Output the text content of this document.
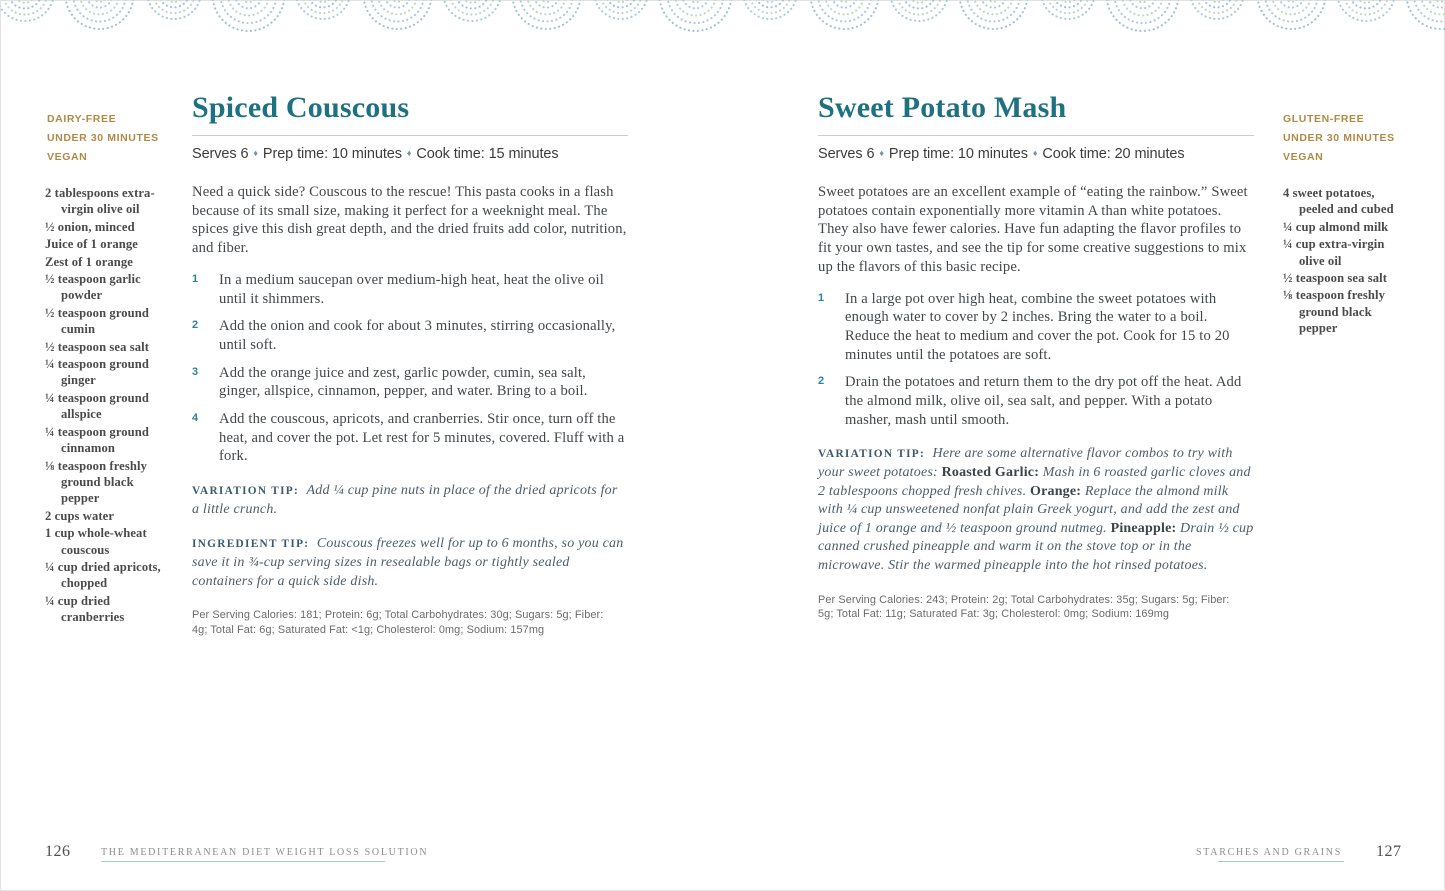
DAIRY-FREE
UNDER 30 MINUTES
VEGAN
2 tablespoons extra-virgin olive oil
½ onion, minced
Juice of 1 orange
Zest of 1 orange
½ teaspoon garlic powder
½ teaspoon ground cumin
½ teaspoon sea salt
¼ teaspoon ground ginger
¼ teaspoon ground allspice
¼ teaspoon ground cinnamon
⅛ teaspoon freshly ground black pepper
2 cups water
1 cup whole-wheat couscous
¼ cup dried apricots, chopped
¼ cup dried cranberries
Spiced Couscous
Serves 6 ♦ Prep time: 10 minutes ♦ Cook time: 15 minutes

Need a quick side? Couscous to the rescue! This pasta cooks in a flash because of its small size, making it perfect for a weeknight meal. The spices give this dish great depth, and the dried fruits add color, nutrition, and fiber.

1	In a medium saucepan over medium-high heat, heat the olive oil until it shimmers.
2	Add the onion and cook for about 3 minutes, stirring occasionally, until soft.
3	Add the orange juice and zest, garlic powder, cumin, sea salt, ginger, allspice, cinnamon, pepper, and water. Bring to a boil.
4	Add the couscous, apricots, and cranberries. Stir once, turn off the heat, and cover the pot. Let rest for 5 minutes, covered. Fluff with a fork.

VARIATION TIP: Add ¼ cup pine nuts in place of the dried apricots for a little crunch.

INGREDIENT TIP: Couscous freezes well for up to 6 months, so you can save it in ¾-cup serving sizes in resealable bags or tightly sealed containers for a quick side dish.

Per Serving Calories: 181; Protein: 6g; Total Carbohydrates: 30g; Sugars: 5g; Fiber: 4g; Total Fat: 6g; Saturated Fat: <1g; Cholesterol: 0mg; Sodium: 157mg
Sweet Potato Mash
Serves 6 ♦ Prep time: 10 minutes ♦ Cook time: 20 minutes

Sweet potatoes are an excellent example of “eating the rainbow.” Sweet potatoes contain exponentially more vitamin A than white potatoes. They also have fewer calories. Have fun adapting the flavor profiles to fit your own tastes, and see the tip for some creative suggestions to mix up the flavors of this basic recipe.

1	In a large pot over high heat, combine the sweet potatoes with enough water to cover by 2 inches. Bring the water to a boil. Reduce the heat to medium and cover the pot. Cook for 15 to 20 minutes until the potatoes are soft.
2	Drain the potatoes and return them to the dry pot off the heat. Add the almond milk, olive oil, sea salt, and pepper. With a potato masher, mash until smooth.

VARIATION TIP: Here are some alternative flavor combos to try with your sweet potatoes: Roasted Garlic: Mash in 6 roasted garlic cloves and 2 tablespoons chopped fresh chives. Orange: Replace the almond milk with ¼ cup unsweetened nonfat plain Greek yogurt, and add the zest and juice of 1 orange and ½ teaspoon ground nutmeg. Pineapple: Drain ½ cup canned crushed pineapple and warm it on the stove top or in the microwave. Stir the warmed pineapple into the hot rinsed potatoes.

Per Serving Calories: 243; Protein: 2g; Total Carbohydrates: 35g; Sugars: 5g; Fiber: 5g; Total Fat: 11g; Saturated Fat: 3g; Cholesterol: 0mg; Sodium: 169mg
GLUTEN-FREE
UNDER 30 MINUTES
VEGAN
4 sweet potatoes, peeled and cubed
¼ cup almond milk
¼ cup extra-virgin olive oil
½ teaspoon sea salt
⅛ teaspoon freshly ground black pepper
126	THE MEDITERRANEAN DIET WEIGHT LOSS SOLUTION	STARCHES AND GRAINS 127
